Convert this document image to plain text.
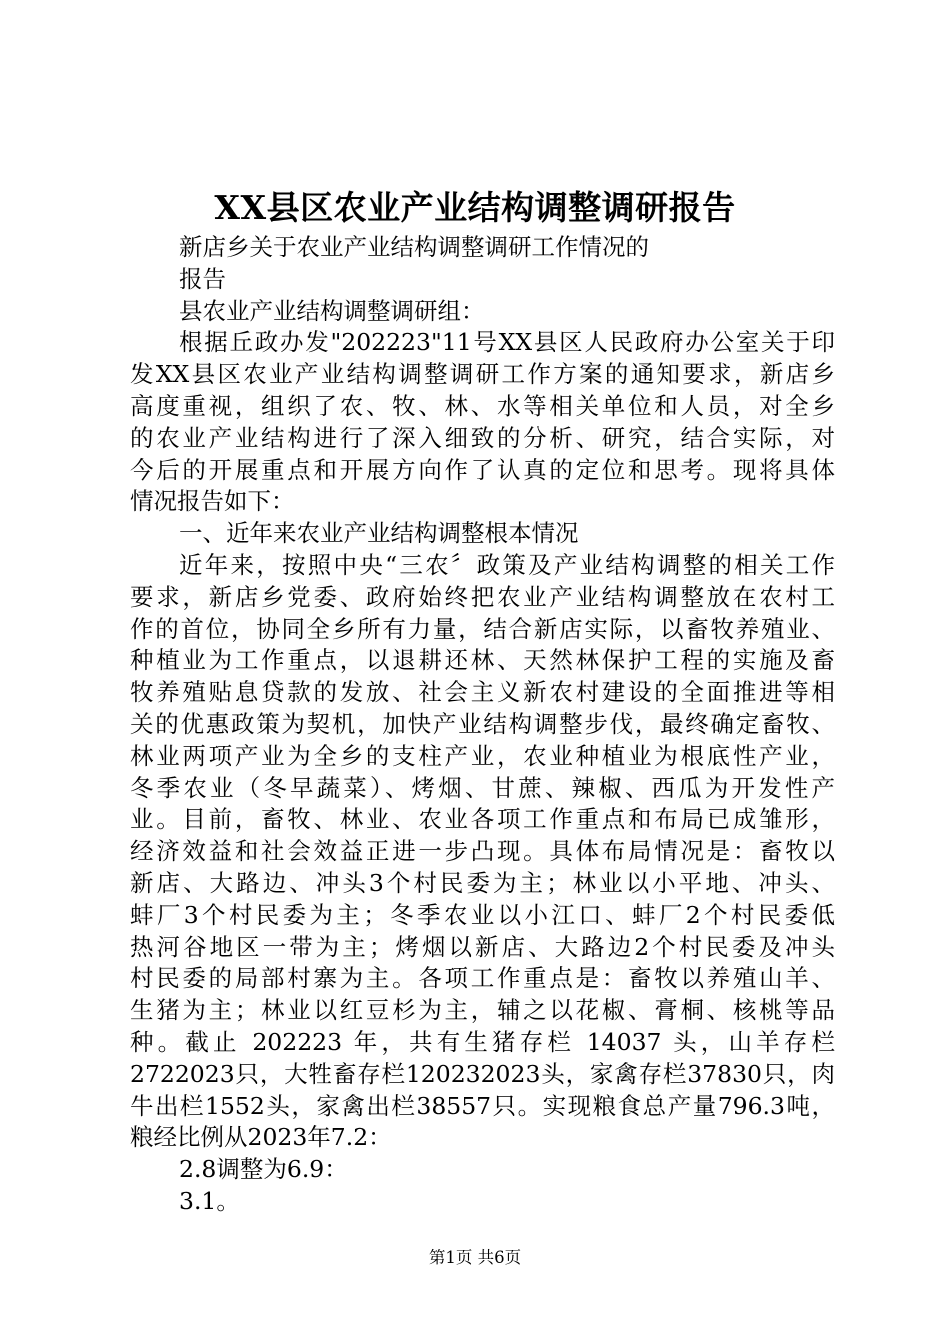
XX县区农业产业结构调整调研报告
新店乡关于农业产业结构调整调研工作情况的
报告
县农业产业结构调整调研组：
根据丘政办发"202223"11号XX县区人民政府办公室关于印
发XX县区农业产业结构调整调研工作方案的通知要求，新店乡
高度重视，组织了农、牧、林、水等相关单位和人员，对全乡
的农业产业结构进行了深入细致的分析、研究，结合实际，对
今后的开展重点和开展方向作了认真的定位和思考。现将具体
情况报告如下：
一、近年来农业产业结构调整根本情况
近年来，按照中央“三农〞政策及产业结构调整的相关工作
要求，新店乡党委、政府始终把农业产业结构调整放在农村工
作的首位，协同全乡所有力量，结合新店实际，以畜牧养殖业、
种植业为工作重点，以退耕还林、天然林保护工程的实施及畜
牧养殖贴息贷款的发放、社会主义新农村建设的全面推进等相
关的优惠政策为契机，加快产业结构调整步伐，最终确定畜牧、
林业两项产业为全乡的支柱产业，农业种植业为根底性产业，
冬季农业（冬早蔬菜）、烤烟、甘蔗、辣椒、西瓜为开发性产
业。目前，畜牧、林业、农业各项工作重点和布局已成雏形，
经济效益和社会效益正进一步凸现。具体布局情况是：畜牧以
新店、大路边、冲头3个村民委为主；林业以小平地、冲头、
蚌厂3个村民委为主；冬季农业以小江口、蚌厂2个村民委低
热河谷地区一带为主；烤烟以新店、大路边2个村民委及冲头
村民委的局部村寨为主。各项工作重点是：畜牧以养殖山羊、
生猪为主；林业以红豆杉为主，辅之以花椒、膏桐、核桃等品
种。截止 202223 年，共有生猪存栏 14037 头，山羊存栏
2722023只，大牲畜存栏120232023头，家禽存栏37830只，肉
牛出栏1552头，家禽出栏38557只。实现粮食总产量796.3吨，
粮经比例从2023年7.2：
2.8调整为6.9：
3.1。
第1页 共6页
